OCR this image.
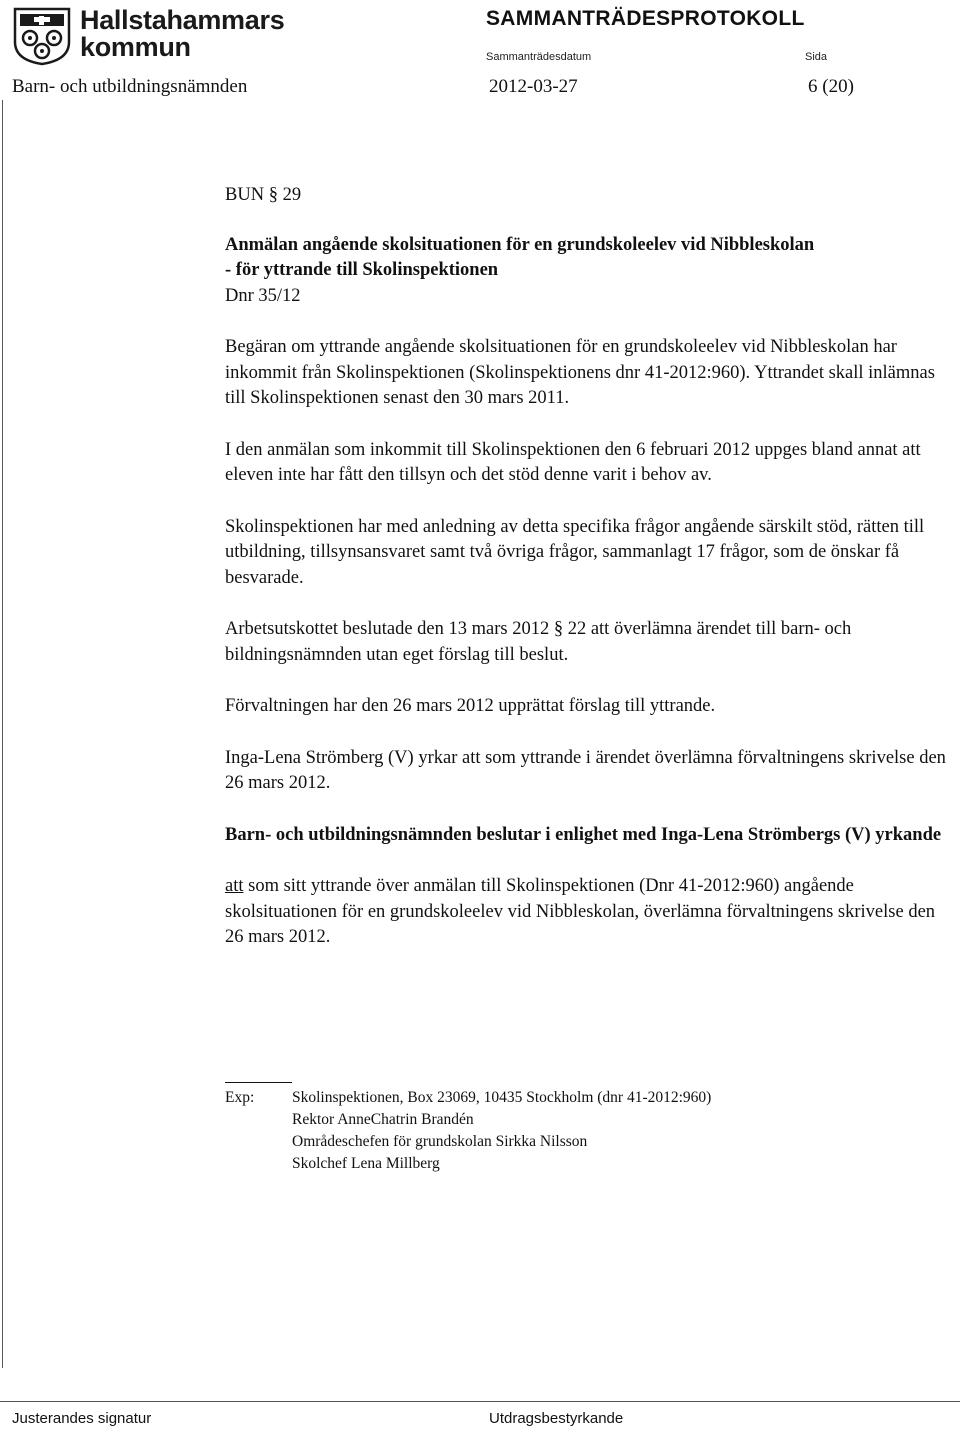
Hallstahammars
kommun
SAMMANTRÄDESPROTOKOLL
Sammanträdesdatum	Sida
Barn- och utbildningsnämnden	2012-03-27	6 (20)

BUN § 29

Anmälan angående skolsituationen för en grundskoleelev vid Nibbleskolan
- för yttrande till Skolinspektionen

Dnr 35/12

Begäran om yttrande angående skolsituationen för en grundskoleelev vid Nibbleskolan har inkommit från Skolinspektionen (Skolinspektionens dnr 41-2012:960). Yttrandet skall inlämnas till Skolinspektionen senast den 30 mars 2011.

I den anmälan som inkommit till Skolinspektionen den 6 februari 2012 uppges bland annat att eleven inte har fått den tillsyn och det stöd denne varit i behov av.

Skolinspektionen har med anledning av detta specifika frågor angående särskilt stöd, rätten till utbildning, tillsynsansvaret samt två övriga frågor, sammanlagt 17 frågor, som de önskar få besvarade.

Arbetsutskottet beslutade den 13 mars 2012 § 22 att överlämna ärendet till barn- och bildningsnämnden utan eget förslag till beslut.

Förvaltningen har den 26 mars 2012 upprättat förslag till yttrande.

Inga-Lena Strömberg (V) yrkar att som yttrande i ärendet överlämna förvaltningens skrivelse den 26 mars 2012.

Barn- och utbildningsnämnden beslutar i enlighet med Inga-Lena Strömbergs (V) yrkande

att som sitt yttrande över anmälan till Skolinspektionen (Dnr 41-2012:960) angående skolsituationen för en grundskoleelev vid Nibbleskolan, överlämna förvaltningens skrivelse den 26 mars 2012.

Exp:	Skolinspektionen, Box 23069, 10435 Stockholm (dnr 41-2012:960)
Rektor AnneChatrin Brandén
Områdeschefen för grundskolan Sirkka Nilsson
Skolchef Lena Millberg
Justerandes signatur	Utdragsbestyrkande
